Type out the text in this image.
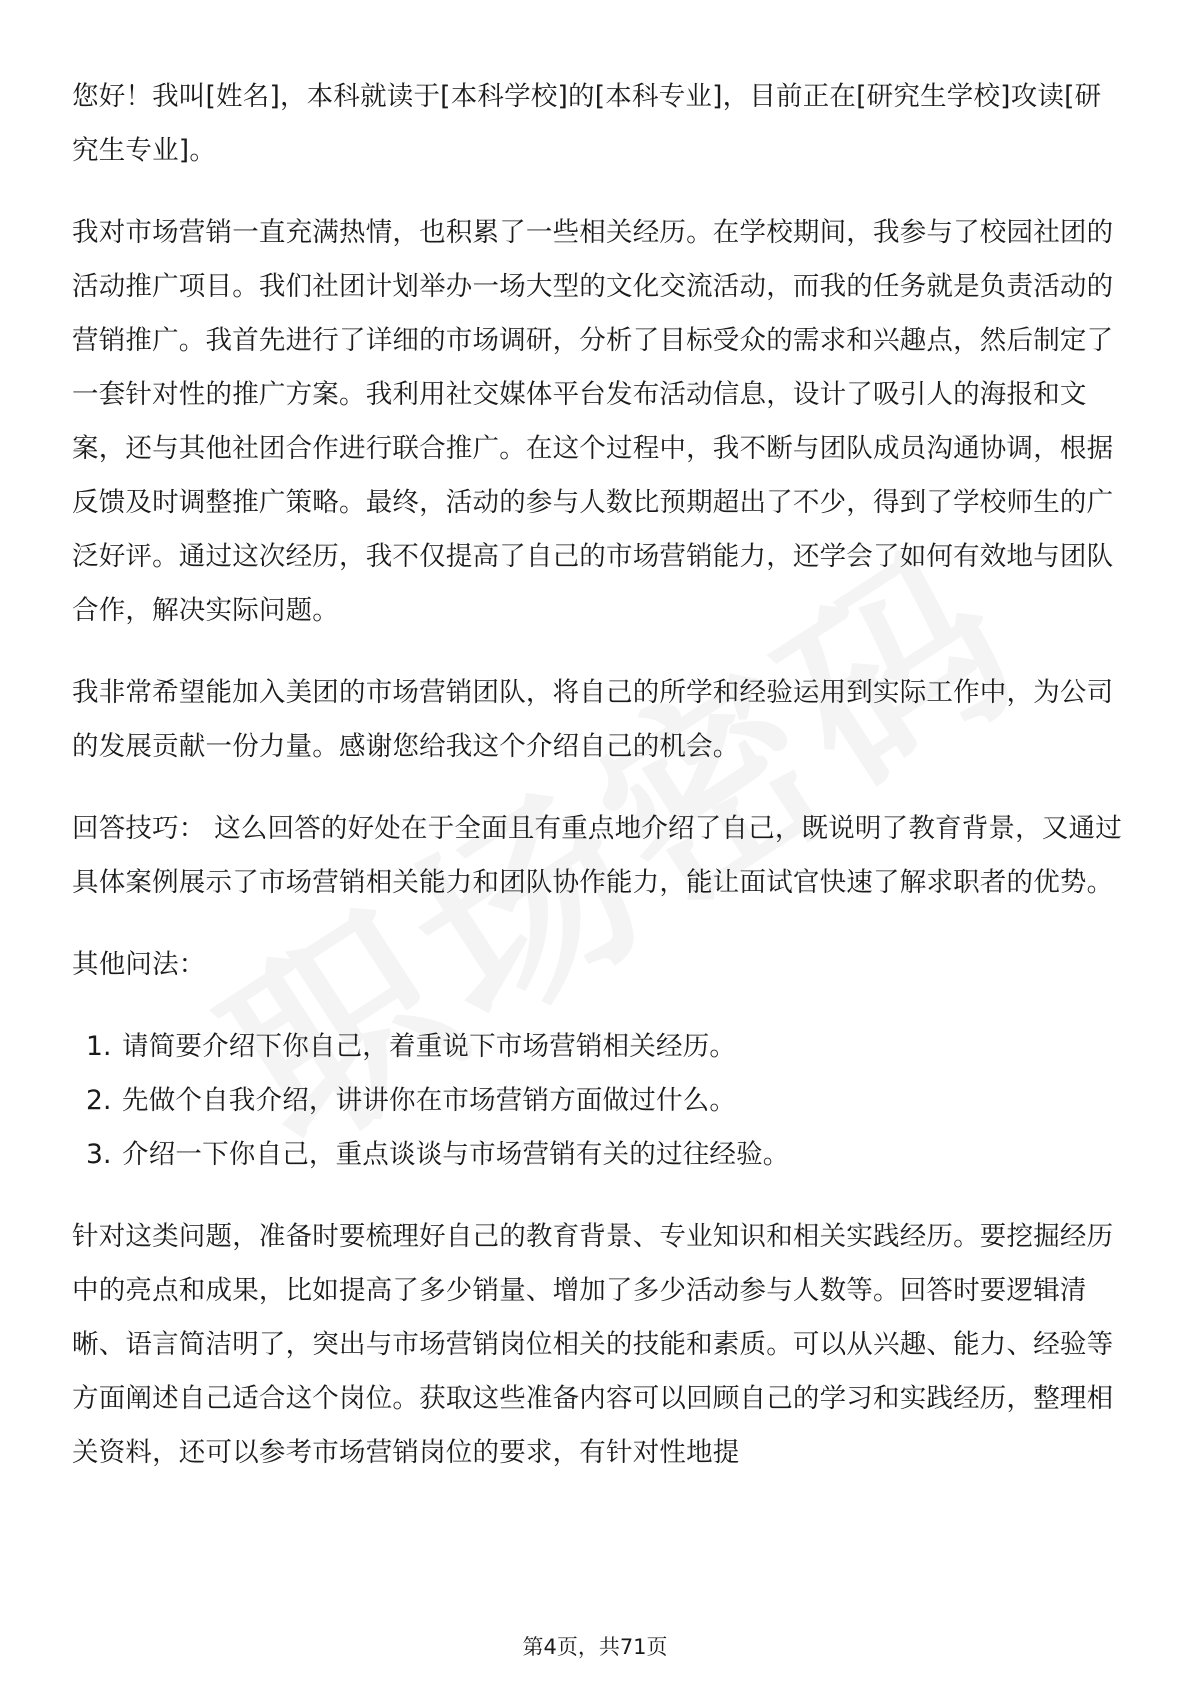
您好！我叫[姓名]，本科就读于[本科学校]的[本科专业]，目前正在[研究生学校]攻读[研究生专业]。

我对市场营销一直充满热情，也积累了一些相关经历。在学校期间，我参与了校园社团的活动推广项目。我们社团计划举办一场大型的文化交流活动，而我的任务就是负责活动的营销推广。我首先进行了详细的市场调研，分析了目标受众的需求和兴趣点，然后制定了一套针对性的推广方案。我利用社交媒体平台发布活动信息，设计了吸引人的海报和文案，还与其他社团合作进行联合推广。在这个过程中，我不断与团队成员沟通协调，根据反馈及时调整推广策略。最终，活动的参与人数比预期超出了不少，得到了学校师生的广泛好评。通过这次经历，我不仅提高了自己的市场营销能力，还学会了如何有效地与团队合作，解决实际问题。

我非常希望能加入美团的市场营销团队，将自己的所学和经验运用到实际工作中，为公司的发展贡献一份力量。感谢您给我这个介绍自己的机会。

回答技巧： 这么回答的好处在于全面且有重点地介绍了自己，既说明了教育背景，又通过具体案例展示了市场营销相关能力和团队协作能力，能让面试官快速了解求职者的优势。

其他问法：

1. 请简要介绍下你自己，着重说下市场营销相关经历。
2. 先做个自我介绍，讲讲你在市场营销方面做过什么。
3. 介绍一下你自己，重点谈谈与市场营销有关的过往经验。

针对这类问题，准备时要梳理好自己的教育背景、专业知识和相关实践经历。要挖掘经历中的亮点和成果，比如提高了多少销量、增加了多少活动参与人数等。回答时要逻辑清晰、语言简洁明了，突出与市场营销岗位相关的技能和素质。可以从兴趣、能力、经验等方面阐述自己适合这个岗位。获取这些准备内容可以回顾自己的学习和实践经历，整理相关资料，还可以参考市场营销岗位的要求，有针对性地提

第4页，共71页
